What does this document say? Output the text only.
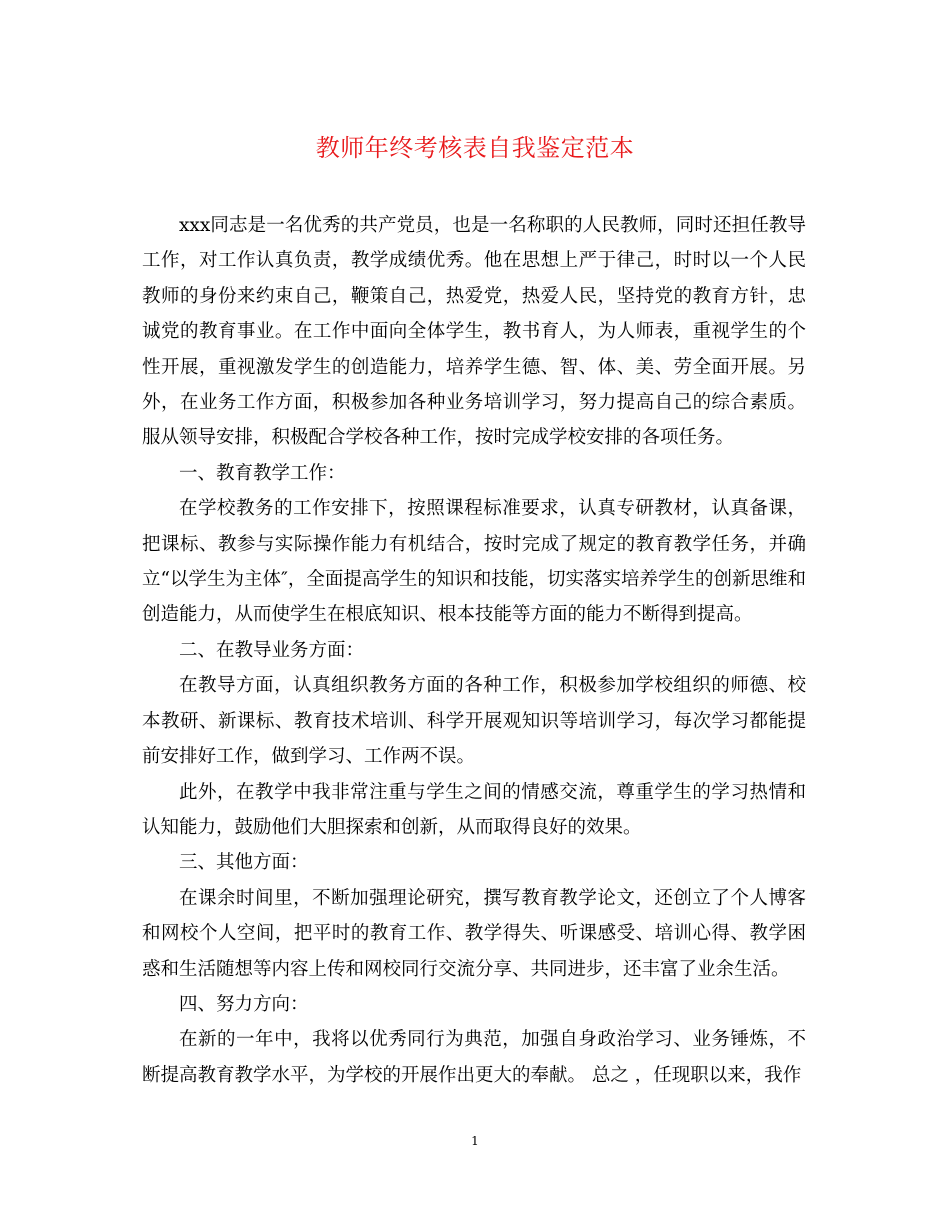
教师年终考核表自我鉴定范本

xxx同志是一名优秀的共产党员，也是一名称职的人民教师，同时还担任教导工作，对工作认真负责，教学成绩优秀。他在思想上严于律己，时时以一个人民教师的身份来约束自己，鞭策自己，热爱党，热爱人民，坚持党的教育方针，忠诚党的教育事业。在工作中面向全体学生，教书育人，为人师表，重视学生的个性开展，重视激发学生的创造能力，培养学生德、智、体、美、劳全面开展。另外，在业务工作方面，积极参加各种业务培训学习，努力提高自己的综合素质。服从领导安排，积极配合学校各种工作，按时完成学校安排的各项任务。

一、教育教学工作：

在学校教务的工作安排下，按照课程标准要求，认真专研教材，认真备课，把课标、教参与实际操作能力有机结合，按时完成了规定的教育教学任务，并确立“以学生为主体″，全面提高学生的知识和技能，切实落实培养学生的创新思维和创造能力，从而使学生在根底知识、根本技能等方面的能力不断得到提高。

二、在教导业务方面：

在教导方面，认真组织教务方面的各种工作，积极参加学校组织的师德、校本教研、新课标、教育技术培训、科学开展观知识等培训学习，每次学习都能提前安排好工作，做到学习、工作两不误。

此外，在教学中我非常注重与学生之间的情感交流，尊重学生的学习热情和认知能力，鼓励他们大胆探索和创新，从而取得良好的效果。

三、其他方面：

在课余时间里，不断加强理论研究，撰写教育教学论文，还创立了个人博客和网校个人空间，把平时的教育工作、教学得失、听课感受、培训心得、教学困惑和生活随想等内容上传和网校同行交流分享、共同进步，还丰富了业余生活。

四、努力方向：

在新的一年中，我将以优秀同行为典范，加强自身政治学习、业务锤炼，不断提高教育教学水平，为学校的开展作出更大的奉献。 总之 ，任现职以来，我作

1
